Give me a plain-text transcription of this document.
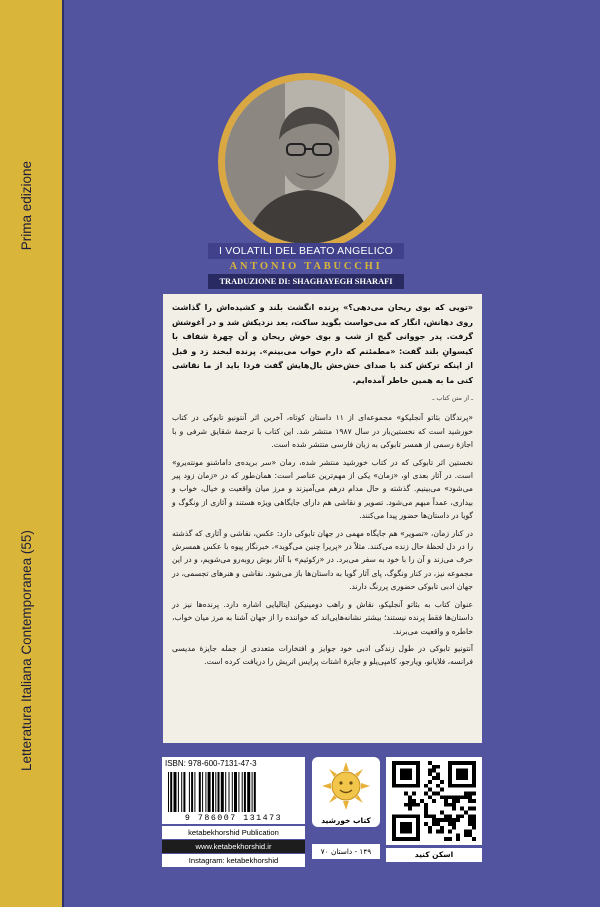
Letteratura Italiana Contemporanea (55)
Prima edizione
I VOLATILI DEL BEATO ANGELICO
ANTONIO TABUCCHI
TRADUZIONE DI: SHAGHAYEGH SHARAFI

«تویی که بوی ریحان می‌دهی؟» پرنده انگشت بلند و کشیده‌اش را گذاشت روی دهانش، انگار که می‌خواست بگوید ساکت، بعد نزدیکش شد و در آغوشش گرفت. پدر جووانی گیج از شب و بوی خوش ریحان و آن چهرهٔ شفاف با کیسوانِ بلند گفت: «مطمئنم که دارم خواب می‌بینم». پرنده لبخند زد و قبل از اینکه ترکش کند با صدای خش‌خش بال‌هایش گفت فردا باید از ما نقاشی کنی ما به همین خاطر آمده‌ایم.

ـ از متن کتاب ـ

«پرندگان بئاتو آنجلیکو» مجموعه‌ای از ۱۱ داستان کوتاه، آخرین اثر آنتونیو تابوکی در کتاب خورشید است که نخستین‌بار در سال ۱۹۸۷ منتشر شد. این کتاب با ترجمهٔ شقایق شرفی و با اجازهٔ رسمی از همسر تابوکی به زبان فارسی منتشر شده است.

نخستین اثر تابوکی که در کتاب خورشید منتشر شده، رمان «سر بریده‌ی داماشنو مونته‌یرو» است. در آثار بعدی او، «زمان» یکی از مهم‌ترین عناصر است: همان‌طور که در «زمان زود پیر می‌شود» می‌بینیم. گذشته و حال مدام درهم می‌آمیزند و مرز میان واقعیت و خیال، خواب و بیداری، عمداً مبهم می‌شود. تصویر و نقاشی هم دارای جایگاهی ویژه هستند و آثاری از ونگوگ و گویا در داستان‌ها حضور پیدا می‌کنند.

در کنار زمان، «تصویر» هم جایگاه مهمی در جهان تابوکی دارد: عکس، نقاشی و آثاری که گذشته را در دل لحظهٔ حال زنده می‌کنند. مثلاً در «پریرا چنین می‌گوید»، خبرنگار پیوه با عکس همسرش حرف می‌زند و آن را با خود به سفر می‌برد. در «رکوئیم» با آثار بوش روبه‌رو می‌شویم، و در این مجموعه نیز، در کنار ونگوگ، پای آثار گویا به داستان‌ها باز می‌شود. نقاشی و هنرهای تجسمی، در جهان ادبی تابوکی حضوری پررنگ دارند.

عنوان کتاب به بئاتو آنجلیکو، نقاش و راهب دومینیکن ایتالیایی اشاره دارد. پرنده‌ها نیز در داستان‌ها فقط پرنده نیستند؛ بیشتر نشانه‌هایی‌اند که خواننده را از جهان آشنا به مرز میان خواب، خاطره و واقعیت می‌برند.

آنتونیو تابوکی در طول زندگی ادبی خود جوایز و افتخارات متعددی از جمله جایزهٔ مدیسی فرانسه، فلایانو، ویارجو، کامپی‌یلو و جایزهٔ اشتات پرایس اتریش را دریافت کرده است.

ISBN: 978-600-7131-47-3
9 786007 131473
ketabekhorshid Publication
www.ketabekhorshid.ir
Instagram: ketabekhorshid
کتاب خورشید
۱۴۹ - داستان ۷۰	اسکن کنید
